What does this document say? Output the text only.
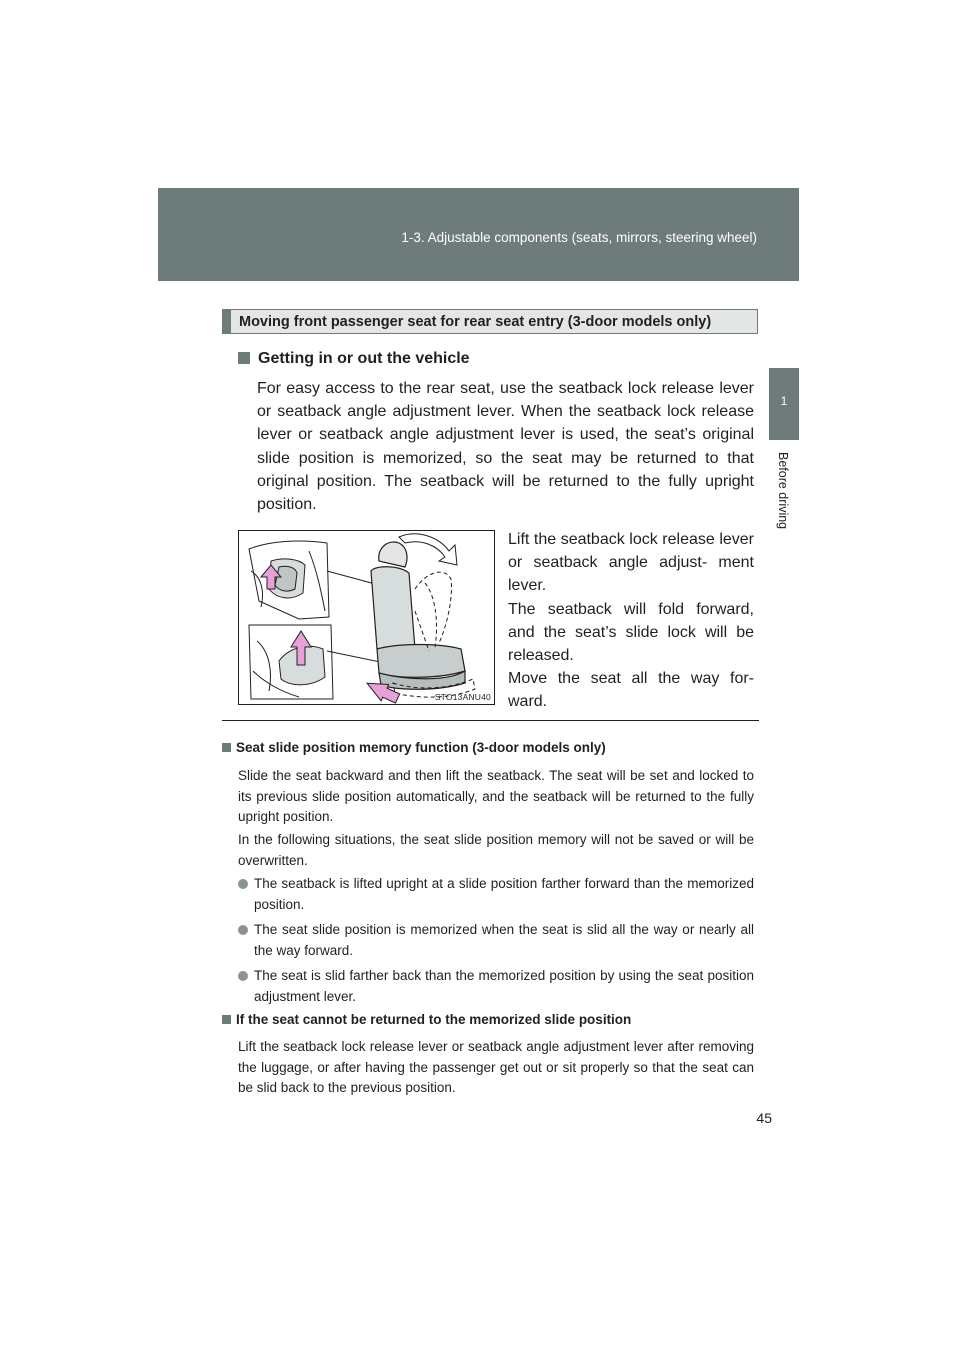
1-3. Adjustable components (seats, mirrors, steering wheel)
1
Before driving
Moving front passenger seat for rear seat entry (3-door models only)
Getting in or out the vehicle
For easy access to the rear seat, use the seatback lock release lever or seatback angle adjustment lever. When the seatback lock release lever or seatback angle adjustment lever is used, the seat’s original slide position is memorized, so the seat may be returned to that original position. The seatback will be returned to the fully upright position.
STO13ANU40

Lift the seatback lock release lever or seatback angle adjust- ment lever.

The seatback will fold forward, and the seat’s slide lock will be released.

Move the seat all the way for- ward.

Seat slide position memory function (3-door models only)
Slide the seat backward and then lift the seatback. The seat will be set and locked to its previous slide position automatically, and the seatback will be returned to the fully upright position.
In the following situations, the seat slide position memory will not be saved or will be overwritten.
The seatback is lifted upright at a slide position farther forward than the memorized position.
The seat slide position is memorized when the seat is slid all the way or nearly all the way forward.
The seat is slid farther back than the memorized position by using the seat position adjustment lever.
If the seat cannot be returned to the memorized slide position
Lift the seatback lock release lever or seatback angle adjustment lever after removing the luggage, or after having the passenger get out or sit properly so that the seat can be slid back to the previous position.
45
